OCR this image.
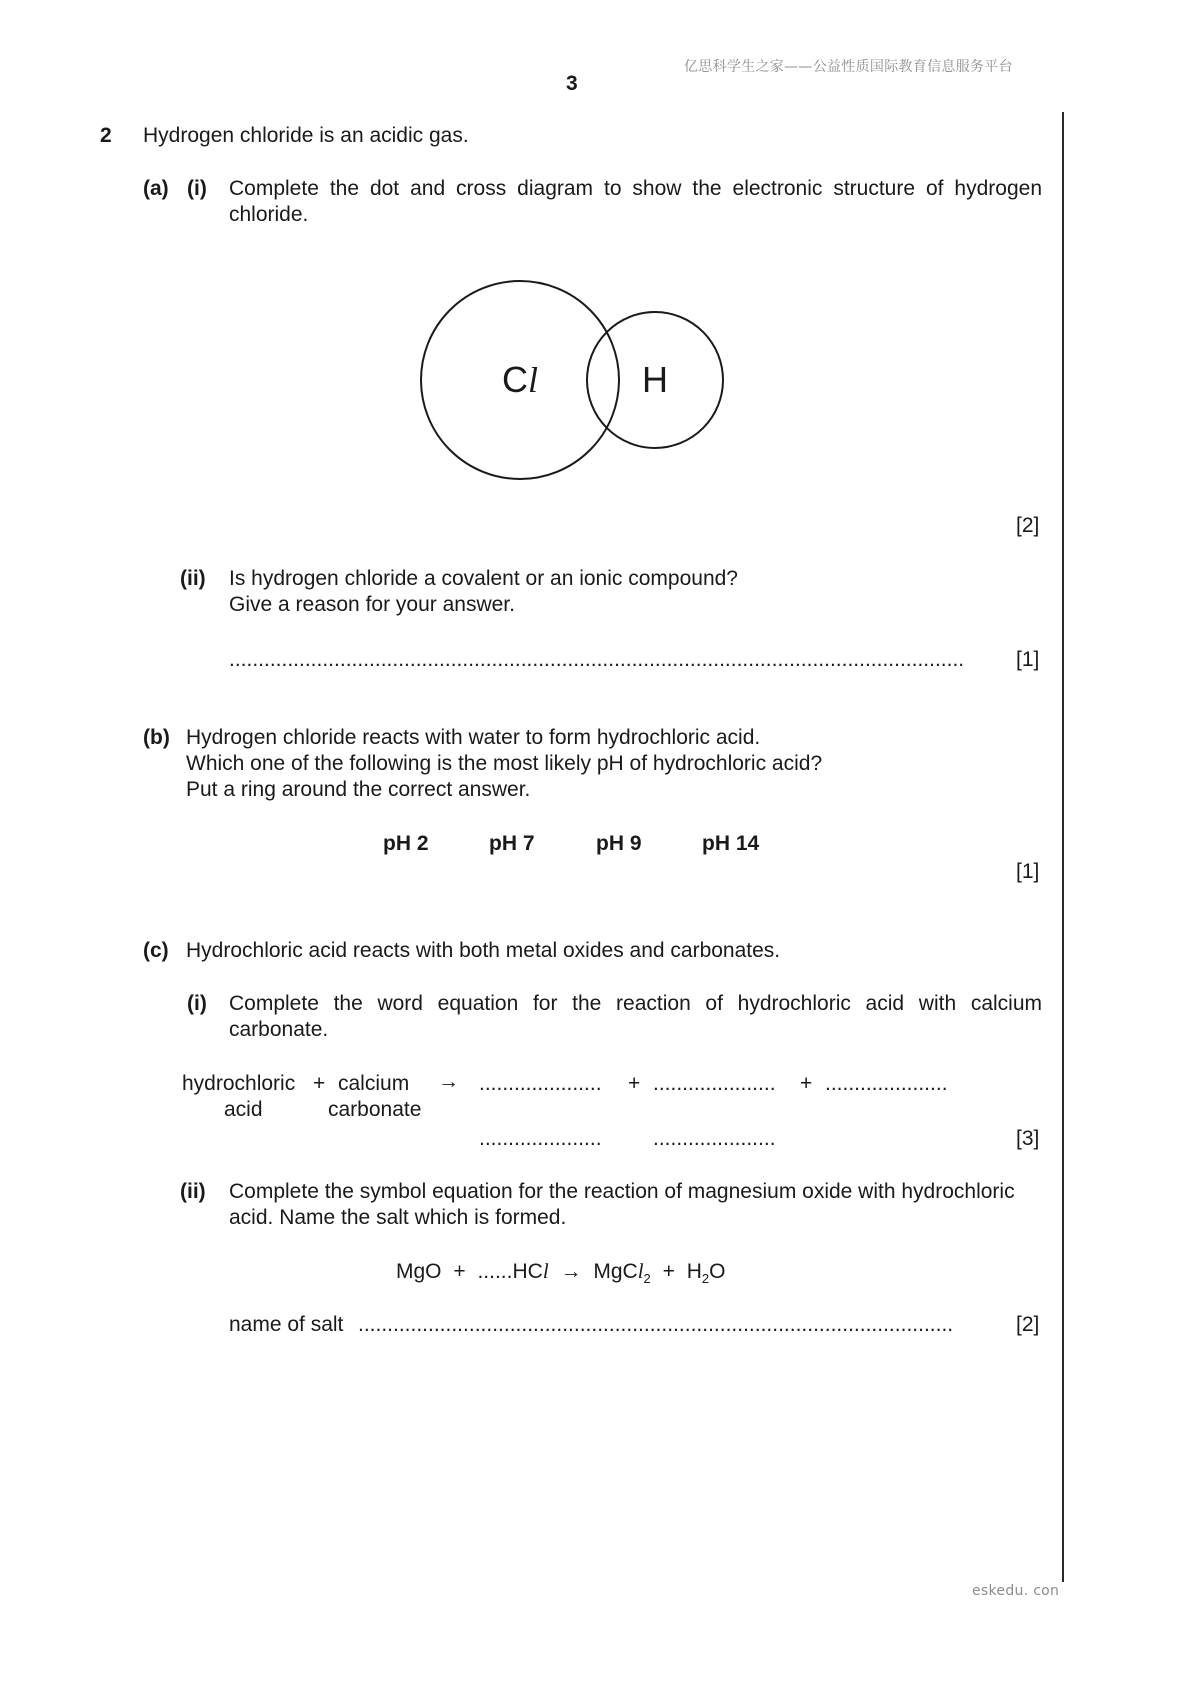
亿思科学生之家——公益性质国际教育信息服务平台
3
2 Hydrogen chloride is an acidic gas.
(a) (i) Complete the dot and cross diagram to show the electronic structure of hydrogen
chloride.
Cl	H
[2]
(ii) Is hydrogen chloride a covalent or an ionic compound?
Give a reason for your answer.
..............................................................................................................................	[1]
(b) Hydrogen chloride reacts with water to form hydrochloric acid.
Which one of the following is the most likely pH of hydrochloric acid?
Put a ring around the correct answer.
pH 2	pH 7	pH 9	pH 14
[1]
(c) Hydrochloric acid reacts with both metal oxides and carbonates.
(i) Complete the word equation for the reaction of hydrochloric acid with calcium
carbonate.
hydrochloric
acid
+ calcium
carbonate
→ ..................... + ..................... + .....................
..................... .....................	[3]
(ii) Complete the symbol equation for the reaction of magnesium oxide with hydrochloric
acid. Name the salt which is formed.
MgO + ......HCl → MgCl$_2$ + $H_2O$
name of salt ......................................................................................................	[2]
eskedu. con
